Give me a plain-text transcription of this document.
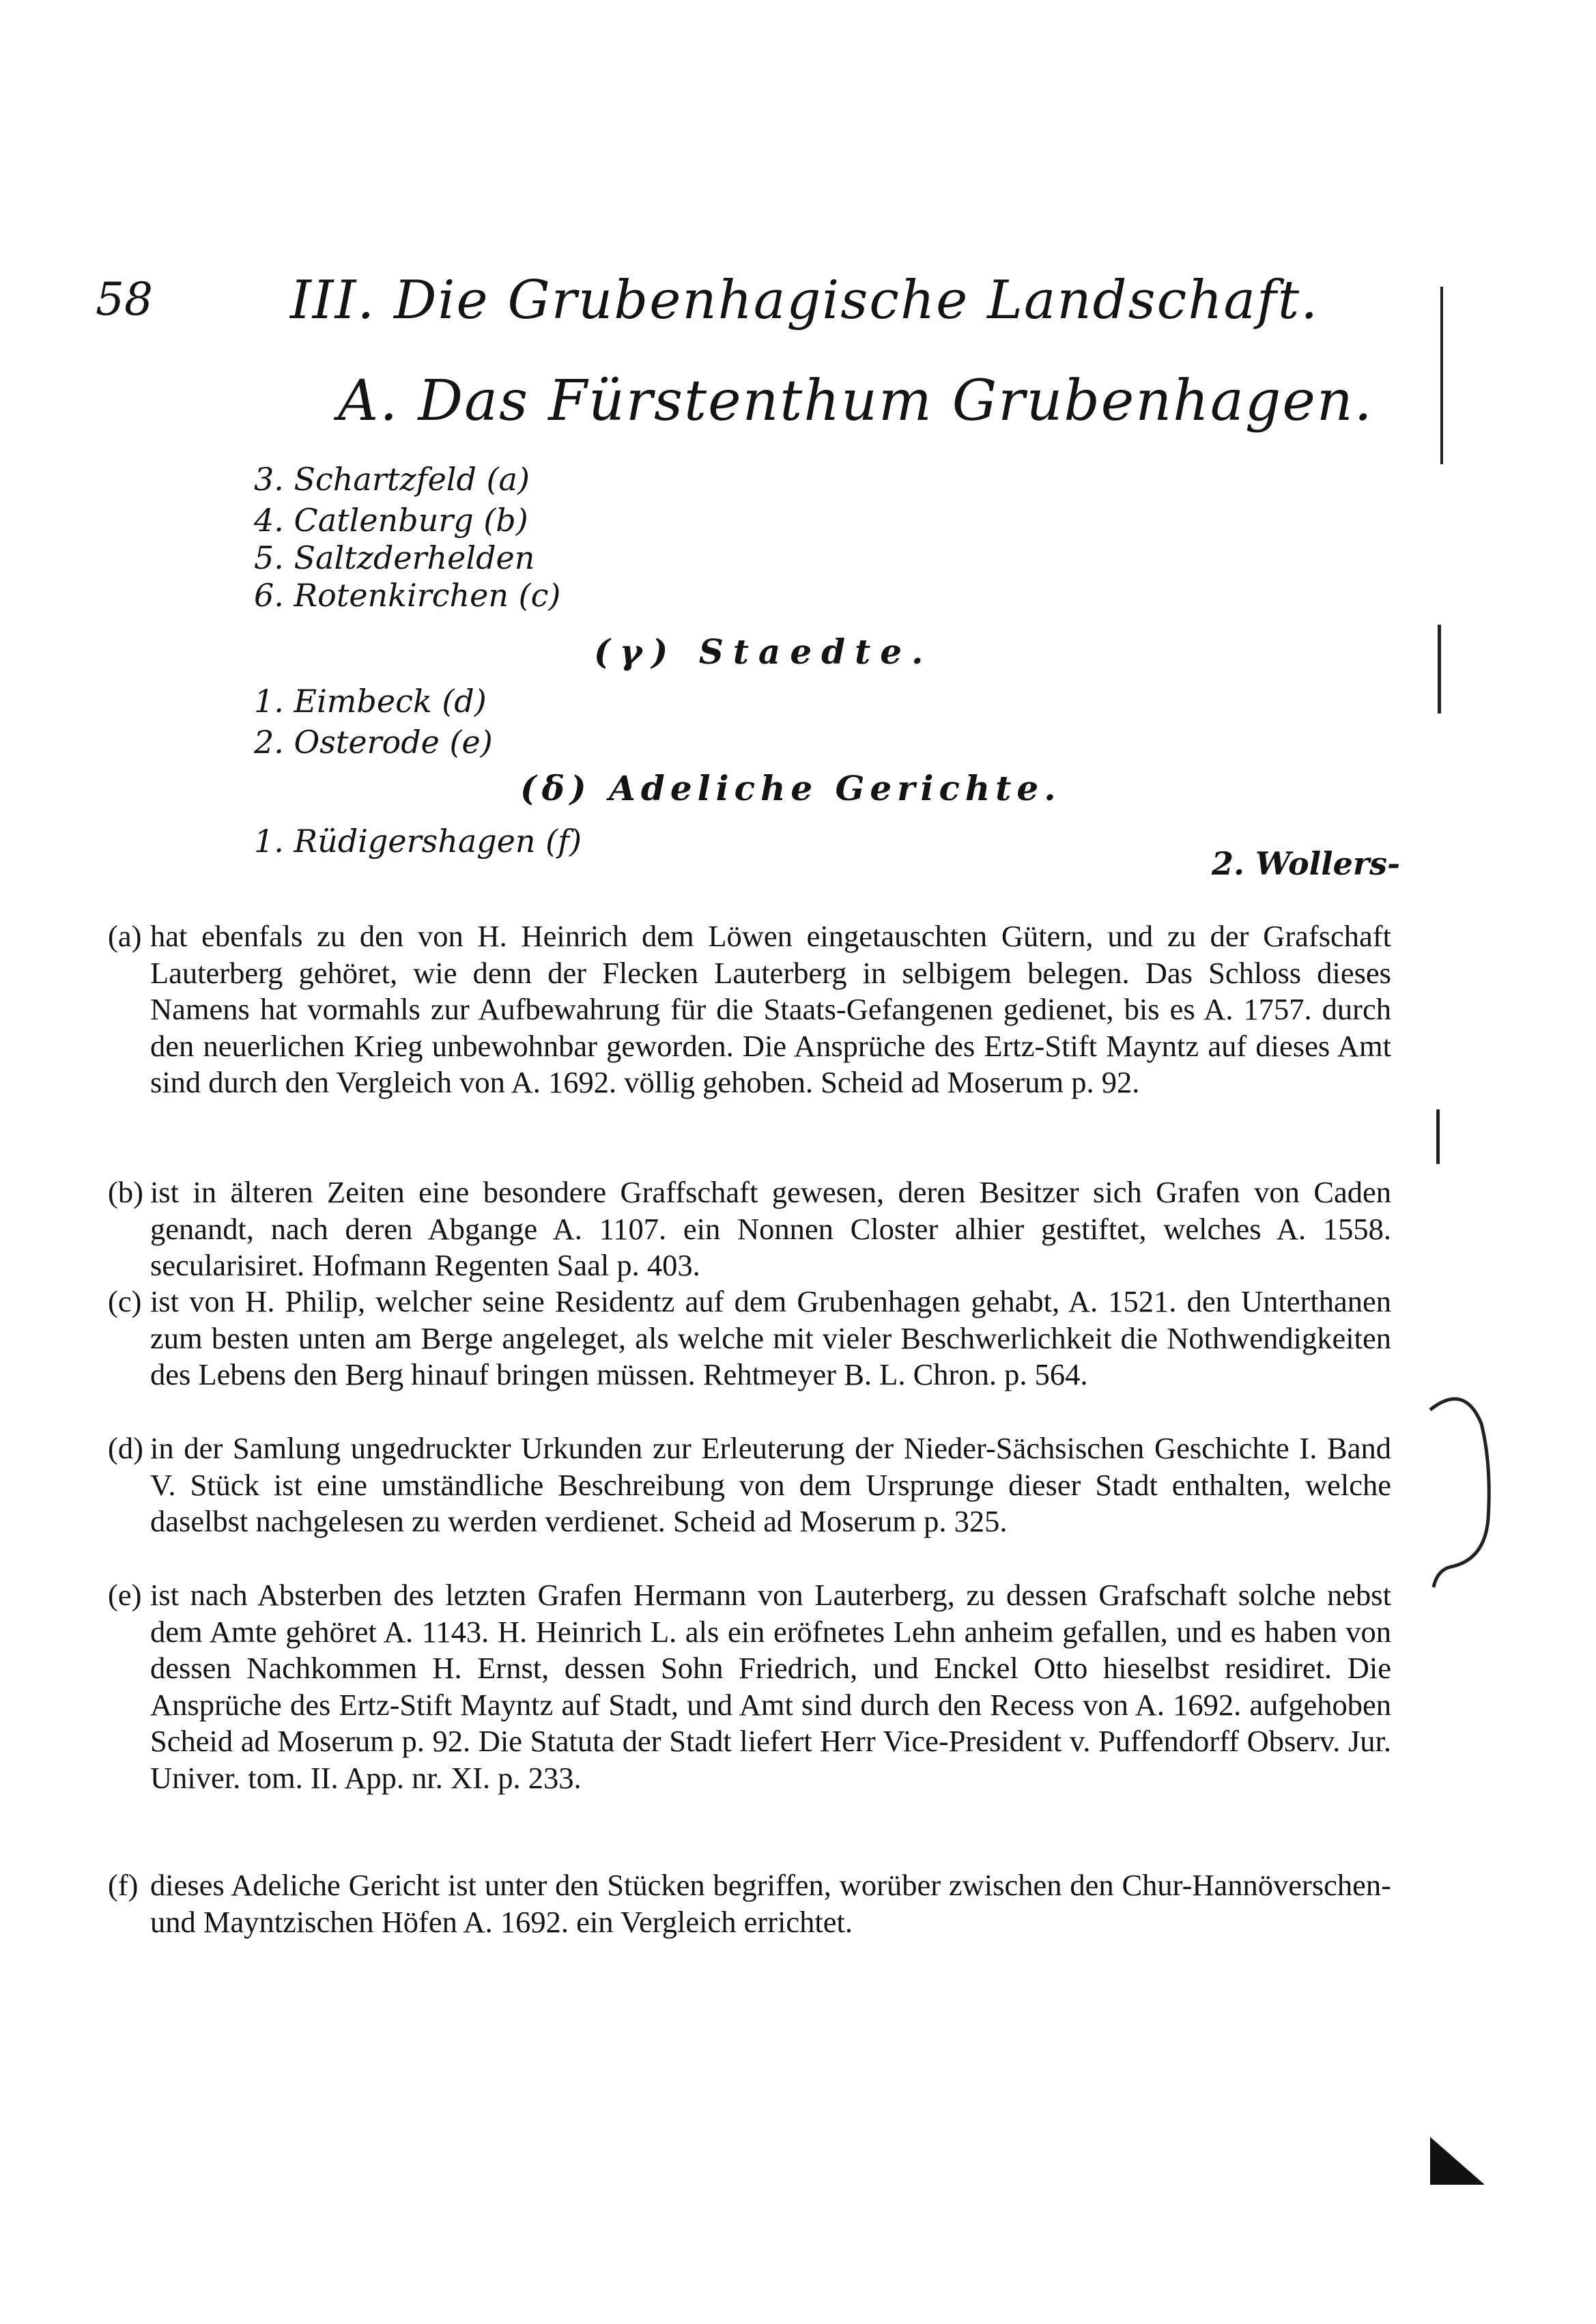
58	III. Die Grubenhagische Landschaft.
A. Das Fürstenthum Grubenhagen.
3. Schartzfeld (a)
4. Catlenburg (b)
5. Saltzderhelden
6. Rotenkirchen (c)
(γ) Staedte.
1. Eimbeck (d)
2. Osterode (e)
(δ) Adeliche Gerichte.
1. Rüdigershagen (f)
2. Wollers-
(a) hat ebenfals zu den von H. Heinrich dem Löwen eingetauschten Gütern, und zu der Grafschaft Lauterberg gehöret, wie denn der Flecken Lauterberg in selbigem belegen. Das Schloss dieses Namens hat vormahls zur Aufbewahrung für die Staats-Gefangenen gedienet, bis es A. 1757. durch den neuerlichen Krieg unbewohnbar geworden. Die Ansprüche des Ertz-Stift Mayntz auf dieses Amt sind durch den Vergleich von A. 1692. völlig gehoben. Scheid ad Moserum p. 92.
(b) ist in älteren Zeiten eine besondere Graffschaft gewesen, deren Besitzer sich Grafen von Caden genandt, nach deren Abgange A. 1107. ein Nonnen Closter alhier gestiftet, welches A. 1558. secularisiret. Hofmann Regenten Saal p. 403.
(c) ist von H. Philip, welcher seine Residentz auf dem Grubenhagen gehabt, A. 1521. den Unterthanen zum besten unten am Berge angeleget, als welche mit vieler Beschwerlichkeit die Nothwendigkeiten des Lebens den Berg hinauf bringen müssen. Rehtmeyer B. L. Chron. p. 564.
(d) in der Samlung ungedruckter Urkunden zur Erleuterung der Nieder-Sächsischen Geschichte I. Band V. Stück ist eine umständliche Beschreibung von dem Ursprunge dieser Stadt enthalten, welche daselbst nachgelesen zu werden verdienet. Scheid ad Moserum p. 325.
(e) ist nach Absterben des letzten Grafen Hermann von Lauterberg, zu dessen Grafschaft solche nebst dem Amte gehöret A. 1143. H. Heinrich L. als ein eröfnetes Lehn anheim gefallen, und es haben von dessen Nachkommen H. Ernst, dessen Sohn Friedrich, und Enckel Otto hieselbst residiret. Die Ansprüche des Ertz-Stift Mayntz auf Stadt, und Amt sind durch den Recess von A. 1692. aufgehoben Scheid ad Moserum p. 92. Die Statuta der Stadt liefert Herr Vice-President v. Puffendorff Observ. Jur. Univer. tom. II. App. nr. XI. p. 233.
(f) dieses Adeliche Gericht ist unter den Stücken begriffen, worüber zwischen den Chur-Hannöverschen- und Mayntzischen Höfen A. 1692. ein Vergleich errichtet.
